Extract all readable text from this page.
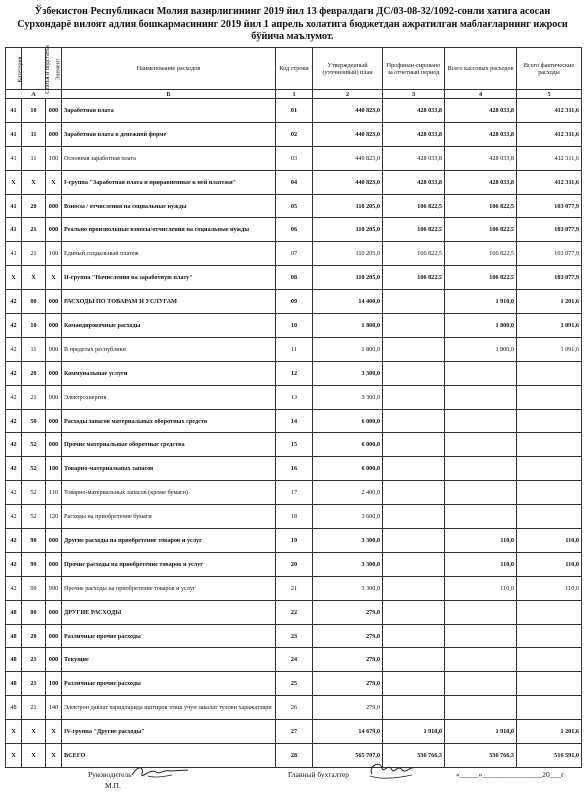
Ўзбекистон Республикаси Молия вазирлигининг 2019 йил 13 февралдаги ДС/03-08-32/1092-сонли хатига асосан
Сурхондарё вилоят адлия бошкармасининг 2019 йил 1 апрель холатига бюджетдан ажратилган маблағларнинг ижроси
бўйича маълумот.
Категория	Статья и подстатья	Элемент	Наименование расходов	Код строки	Утвержденный (уточненный) план	Профинан-сировано за отчетный период	Всего кассовых расходов	Всего фактические расходы
А			Б	1	2	3	4	5
41	10	000	Заработная плата	01	440 823,0	428 033,8	428 033,8	412 311,6
41	11	000	Заработная плата в денежной форме	02	440 823,0	428 033,8	428 033,8	412 311,6
41	11	100	Основная заработная плата	03	440 823,0	428 033,8	428 033,8	412 311,6
X	X	X	I-группа "Заработная плата и приравненные к ней платежи"	04	440 823,0	428 033,8	428 033,8	412 311,6
41	20	000	Взносы / отчисления на социальные нужды	05	110 205,0	106 822,5	106 822,5	103 077,9
41	21	000	Реально произвольные взносы/отчисления на социальные нужды	06	110 205,0	106 822,5	106 822,5	103 077,9
41	21	100	Единый социальный платеж	07	110 205,0	106 822,5	106 822,5	103 077,9
X	X	X	II-группа "Начисления на заработную плату"	08	110 205,0	106 822,5	106 822,5	103 077,9
42	00	000	РАСХОДЫ ПО ТОВАРАМ И УСЛУГАМ	09	14 400,0		1 910,0	1 201,6
42	10	000	Командировочные расходы	10	1 800,0		1 800,0	1 091,6
42	11	000	В пределах республики	11	1 800,0		1 800,0	1 091,6
42	20	000	Коммунальные услуги	12	3 300,0			
42	21	000	Электроэнергия	13	3 300,0			
42	50	000	Расходы запасов материальных оборотных средств	14	6 000,0			
42	52	000	Прочие материальные оборотные средства	15	6 000,0			
42	52	100	Товарно-материальных запасов	16	6 000,0			
42	52	110	Товарно-материальных запасов (кроме бумаги)	17	2 400,0			
42	52	120	Расходы на приобретение бумаги	18	3 600,0			
42	90	000	Другие расходы на приобретение товаров и услуг	19	3 300,0		110,0	110,0
42	99	000	Прочие расходы на приобретение товаров и услуг	20	3 300,0		110,0	110,0
42	99	990	Прочие расходы на приобретение товаров и услуг	21	3 300,0		110,0	110,0
48	00	000	ДРУГИЕ РАСХОДЫ	22	279,0			
48	20	000	Различные прочие расходы	23	279,0			
48	21	000	Текущие	24	279,0			
48	21	100	Различные прочие расходы	25	279,0			
48	21	140	Электрон давлат харидларида иштирок этиш учун закалат тулови харажатлари	26	279,0			
X	X	X	IV-группа "Другие расходы"	27	14 679,0	1 910,0	1 910,0	1 201,6
X	X	X	ВСЕГО	28	565 707,0	536 766,3	536 766,3	516 591,0
Руководитель
М.П.
Главный бухгалтер	«_____»________________20___г
